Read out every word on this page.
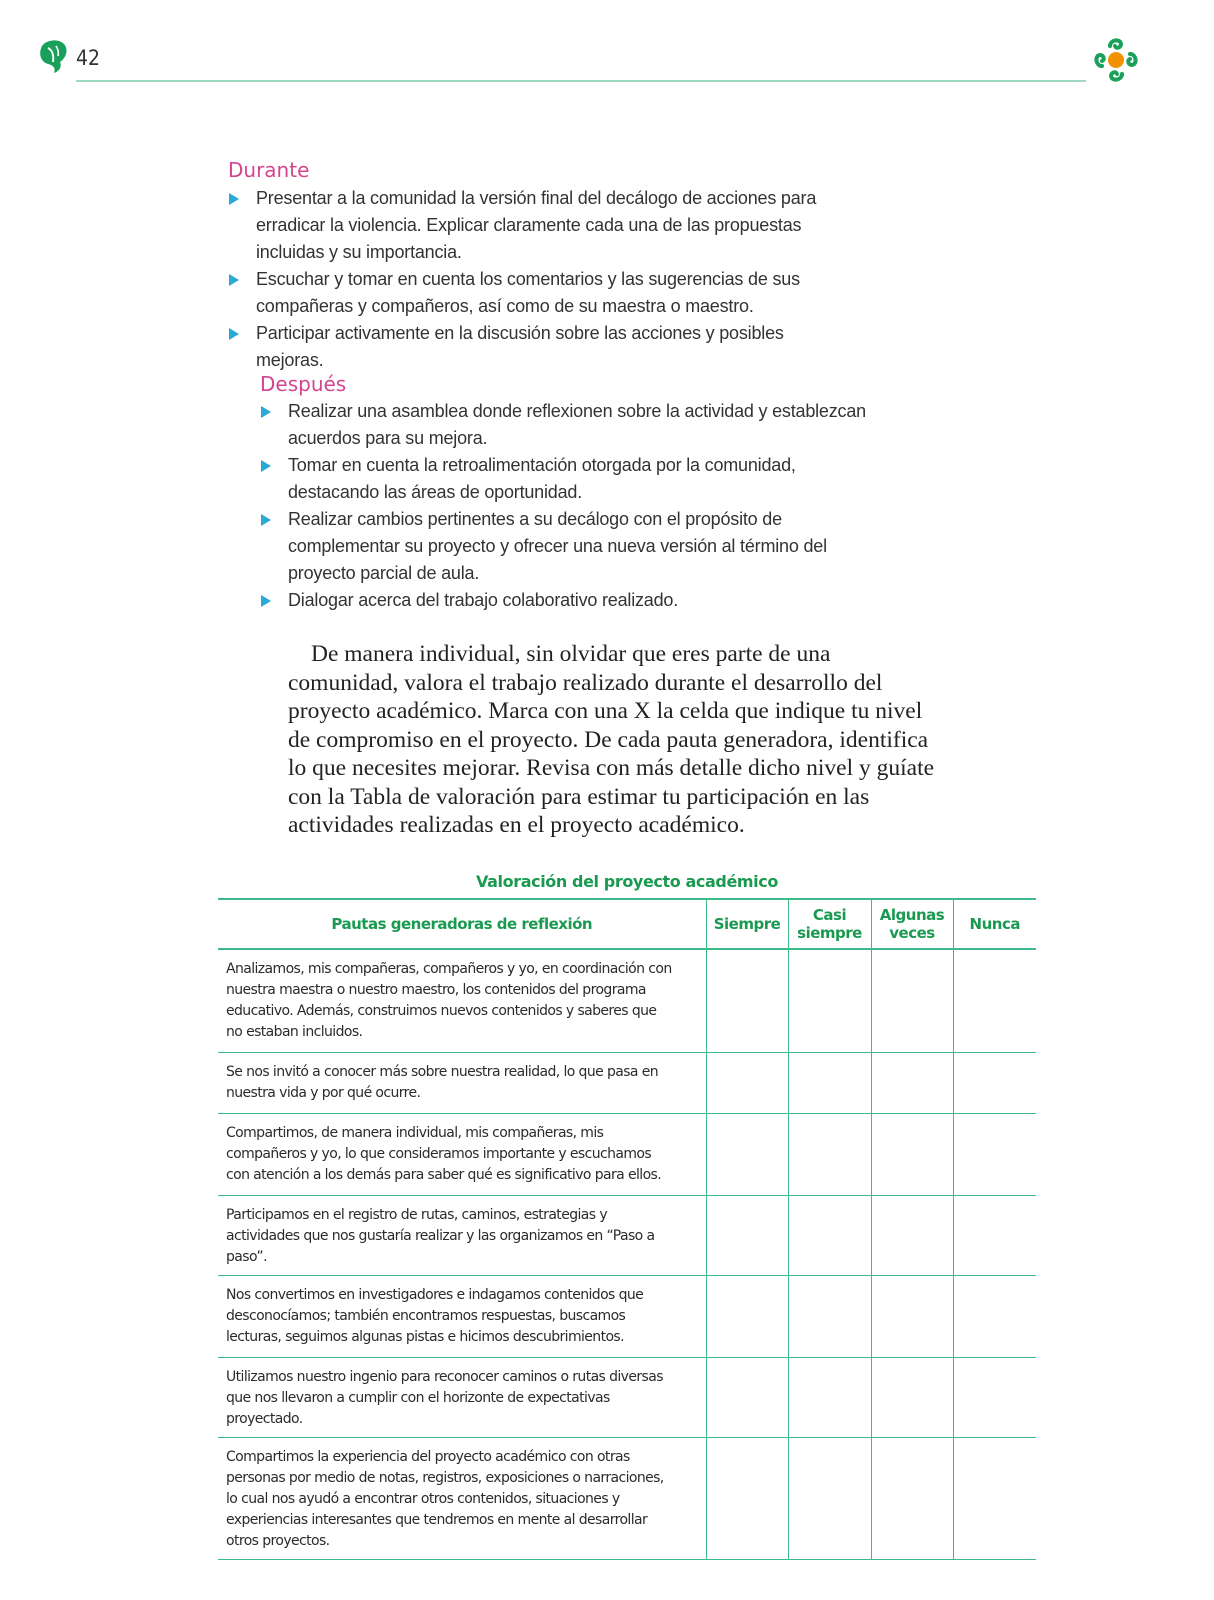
42
Durante
Presentar a la comunidad la versión final del decálogo de acciones para erradicar la violencia. Explicar claramente cada una de las propuestas incluidas y su importancia.
Escuchar y tomar en cuenta los comentarios y las sugerencias de sus compañeras y compañeros, así como de su maestra o maestro.
Participar activamente en la discusión sobre las acciones y posibles mejoras.
Después
Realizar una asamblea donde reflexionen sobre la actividad y establezcan acuerdos para su mejora.
Tomar en cuenta la retroalimentación otorgada por la comunidad, destacando las áreas de oportunidad.
Realizar cambios pertinentes a su decálogo con el propósito de complementar su proyecto y ofrecer una nueva versión al término del proyecto parcial de aula.
Dialogar acerca del trabajo colaborativo realizado.

De manera individual, sin olvidar que eres parte de una comunidad, valora el trabajo realizado durante el desarrollo del proyecto académico. Marca con una X la celda que indique tu nivel de compromiso en el proyecto. De cada pauta generadora, identifica lo que necesites mejorar. Revisa con más detalle dicho nivel y guíate con la Tabla de valoración para estimar tu participación en las actividades realizadas en el proyecto académico.

Valoración del proyecto académico
Pautas generadoras de reflexión	Siempre	Casi siempre	Algunas veces	Nunca
Analizamos, mis compañeras, compañeros y yo, en coordinación con nuestra maestra o nuestro maestro, los contenidos del programa educativo. Además, construimos nuevos contenidos y saberes que no estaban incluidos.				
Se nos invitó a conocer más sobre nuestra realidad, lo que pasa en nuestra vida y por qué ocurre.				
Compartimos, de manera individual, mis compañeras, mis compañeros y yo, lo que consideramos importante y escuchamos con atención a los demás para saber qué es significativo para ellos.				
Participamos en el registro de rutas, caminos, estrategias y actividades que nos gustaría realizar y las organizamos en “Paso a paso”.				
Nos convertimos en investigadores e indagamos contenidos que desconocíamos; también encontramos respuestas, buscamos lecturas, seguimos algunas pistas e hicimos descubrimientos.				
Utilizamos nuestro ingenio para reconocer caminos o rutas diversas que nos llevaron a cumplir con el horizonte de expectativas proyectado.				
Compartimos la experiencia del proyecto académico con otras personas por medio de notas, registros, exposiciones o narraciones, lo cual nos ayudó a encontrar otros contenidos, situaciones y experiencias interesantes que tendremos en mente al desarrollar otros proyectos.				
